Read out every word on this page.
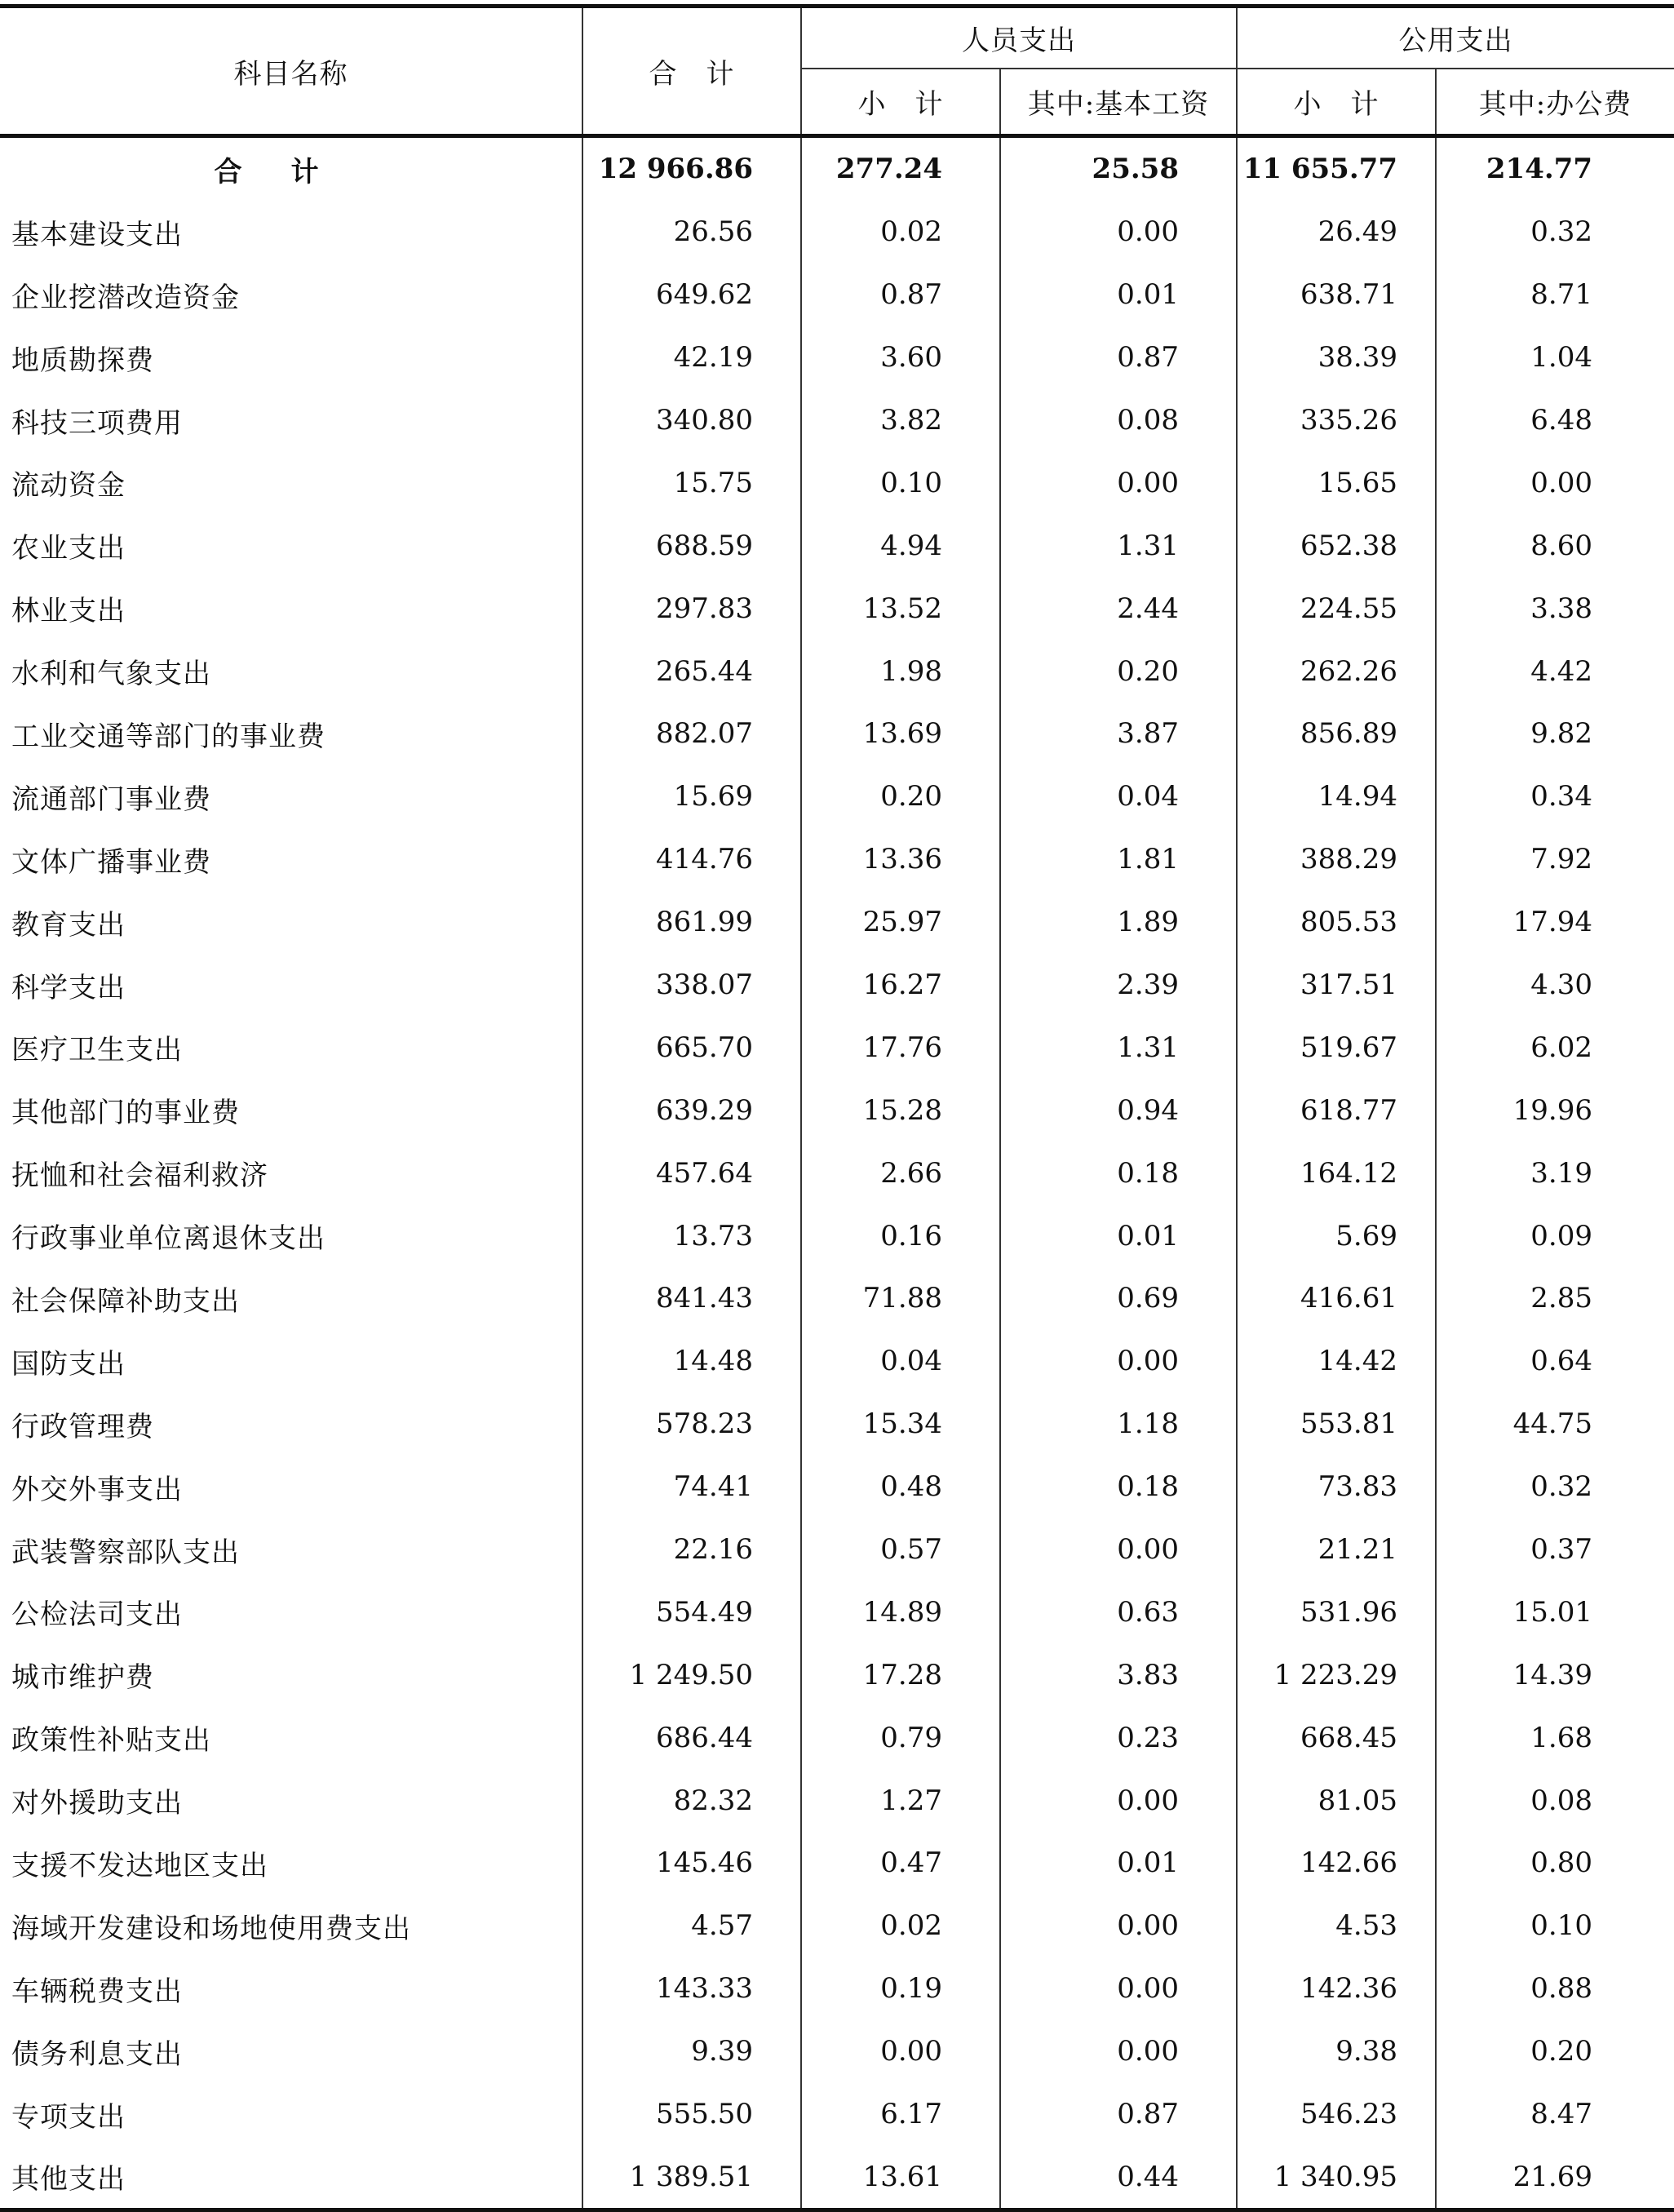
科目名称	合　计	人员支出		公用支出	
		小　计	其中:基本工资	小　计	其中:办公费
合计	12 966.86	277.24	25.58	11 655.77	214.77
基本建设支出	26.56	0.02	0.00	26.49	0.32
企业挖潜改造资金	649.62	0.87	0.01	638.71	8.71
地质勘探费	42.19	3.60	0.87	38.39	1.04
科技三项费用	340.80	3.82	0.08	335.26	6.48
流动资金	15.75	0.10	0.00	15.65	0.00
农业支出	688.59	4.94	1.31	652.38	8.60
林业支出	297.83	13.52	2.44	224.55	3.38
水利和气象支出	265.44	1.98	0.20	262.26	4.42
工业交通等部门的事业费	882.07	13.69	3.87	856.89	9.82
流通部门事业费	15.69	0.20	0.04	14.94	0.34
文体广播事业费	414.76	13.36	1.81	388.29	7.92
教育支出	861.99	25.97	1.89	805.53	17.94
科学支出	338.07	16.27	2.39	317.51	4.30
医疗卫生支出	665.70	17.76	1.31	519.67	6.02
其他部门的事业费	639.29	15.28	0.94	618.77	19.96
抚恤和社会福利救济	457.64	2.66	0.18	164.12	3.19
行政事业单位离退休支出	13.73	0.16	0.01	5.69	0.09
社会保障补助支出	841.43	71.88	0.69	416.61	2.85
国防支出	14.48	0.04	0.00	14.42	0.64
行政管理费	578.23	15.34	1.18	553.81	44.75
外交外事支出	74.41	0.48	0.18	73.83	0.32
武装警察部队支出	22.16	0.57	0.00	21.21	0.37
公检法司支出	554.49	14.89	0.63	531.96	15.01
城市维护费	1 249.50	17.28	3.83	1 223.29	14.39
政策性补贴支出	686.44	0.79	0.23	668.45	1.68
对外援助支出	82.32	1.27	0.00	81.05	0.08
支援不发达地区支出	145.46	0.47	0.01	142.66	0.80
海域开发建设和场地使用费支出	4.57	0.02	0.00	4.53	0.10
车辆税费支出	143.33	0.19	0.00	142.36	0.88
债务利息支出	9.39	0.00	0.00	9.38	0.20
专项支出	555.50	6.17	0.87	546.23	8.47
其他支出	1 389.51	13.61	0.44	1 340.95	21.69
